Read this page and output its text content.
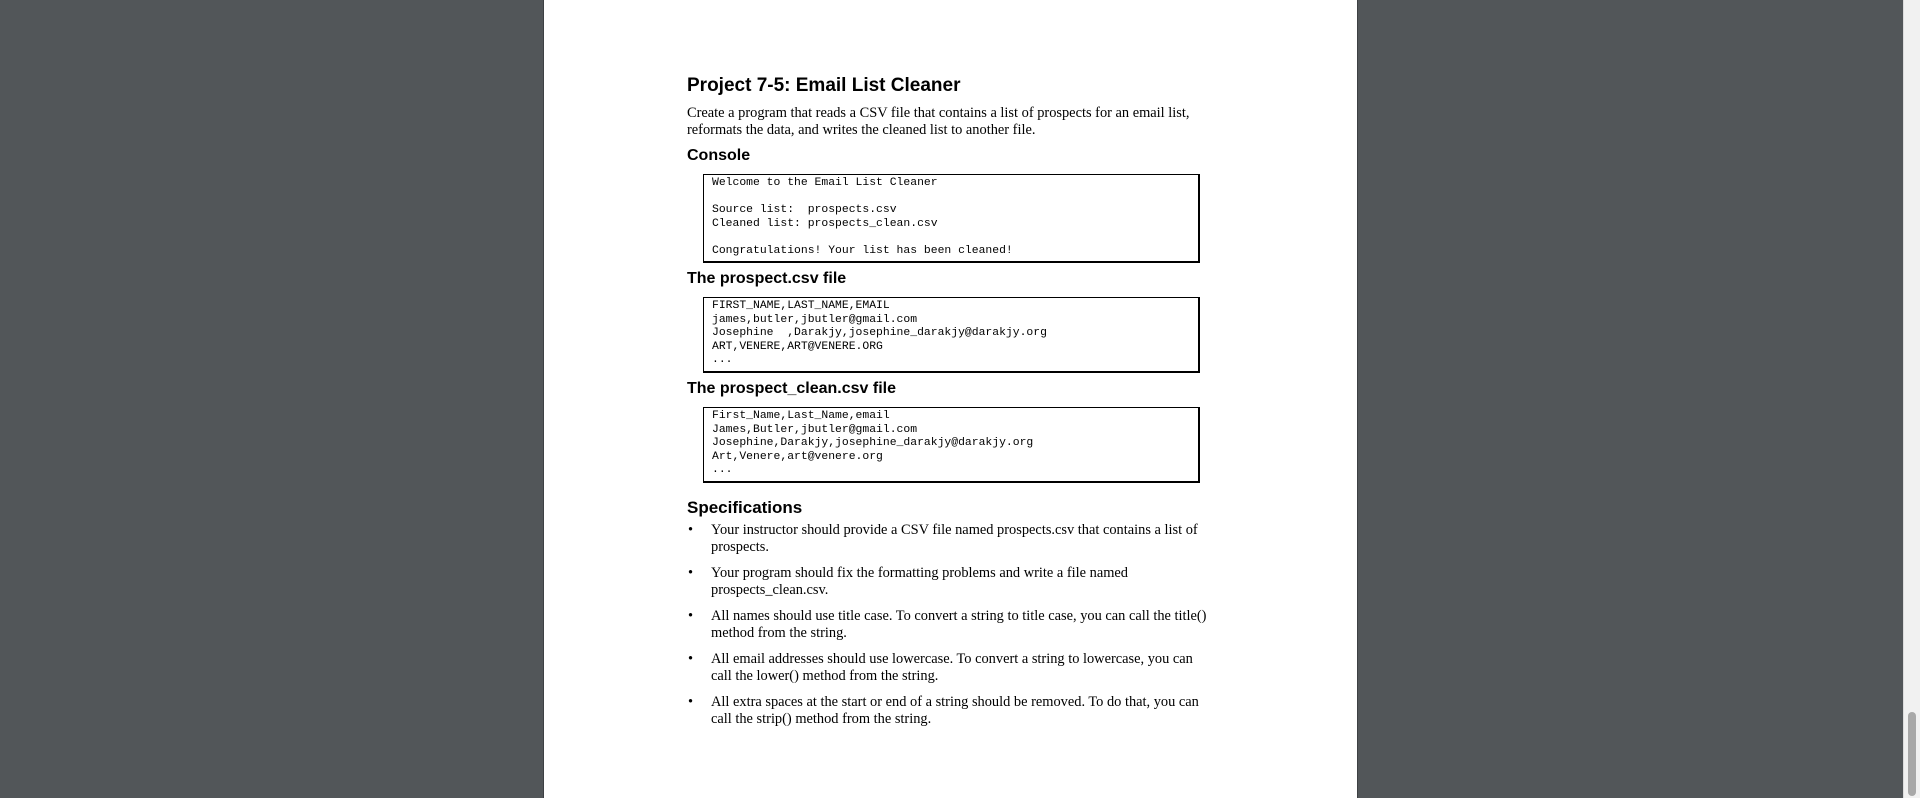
Project 7-5: Email List Cleaner

Create a program that reads a CSV file that contains a list of prospects for an email list, reformats the data, and writes the cleaned list to another file.

Console
Welcome to the Email List Cleaner
Source list:  prospects.csv
Cleaned list: prospects_clean.csv
Congratulations! Your list has been cleaned!
The prospect.csv file
FIRST_NAME,LAST_NAME,EMAIL
james,butler,jbutler@gmail.com
Josephine  ,Darakjy,josephine_darakjy@darakjy.org
ART,VENERE,ART@VENERE.ORG
...
The prospect_clean.csv file
First_Name,Last_Name,email
James,Butler,jbutler@gmail.com
Josephine,Darakjy,josephine_darakjy@darakjy.org
Art,Venere,art@venere.org
...
Specifications
• Your instructor should provide a CSV file named prospects.csv that contains a list of prospects.
• Your program should fix the formatting problems and write a file named prospects_clean.csv.
• All names should use title case. To convert a string to title case, you can call the title() method from the string.
• All email addresses should use lowercase. To convert a string to lowercase, you can call the lower() method from the string.
• All extra spaces at the start or end of a string should be removed. To do that, you can call the strip() method from the string.
